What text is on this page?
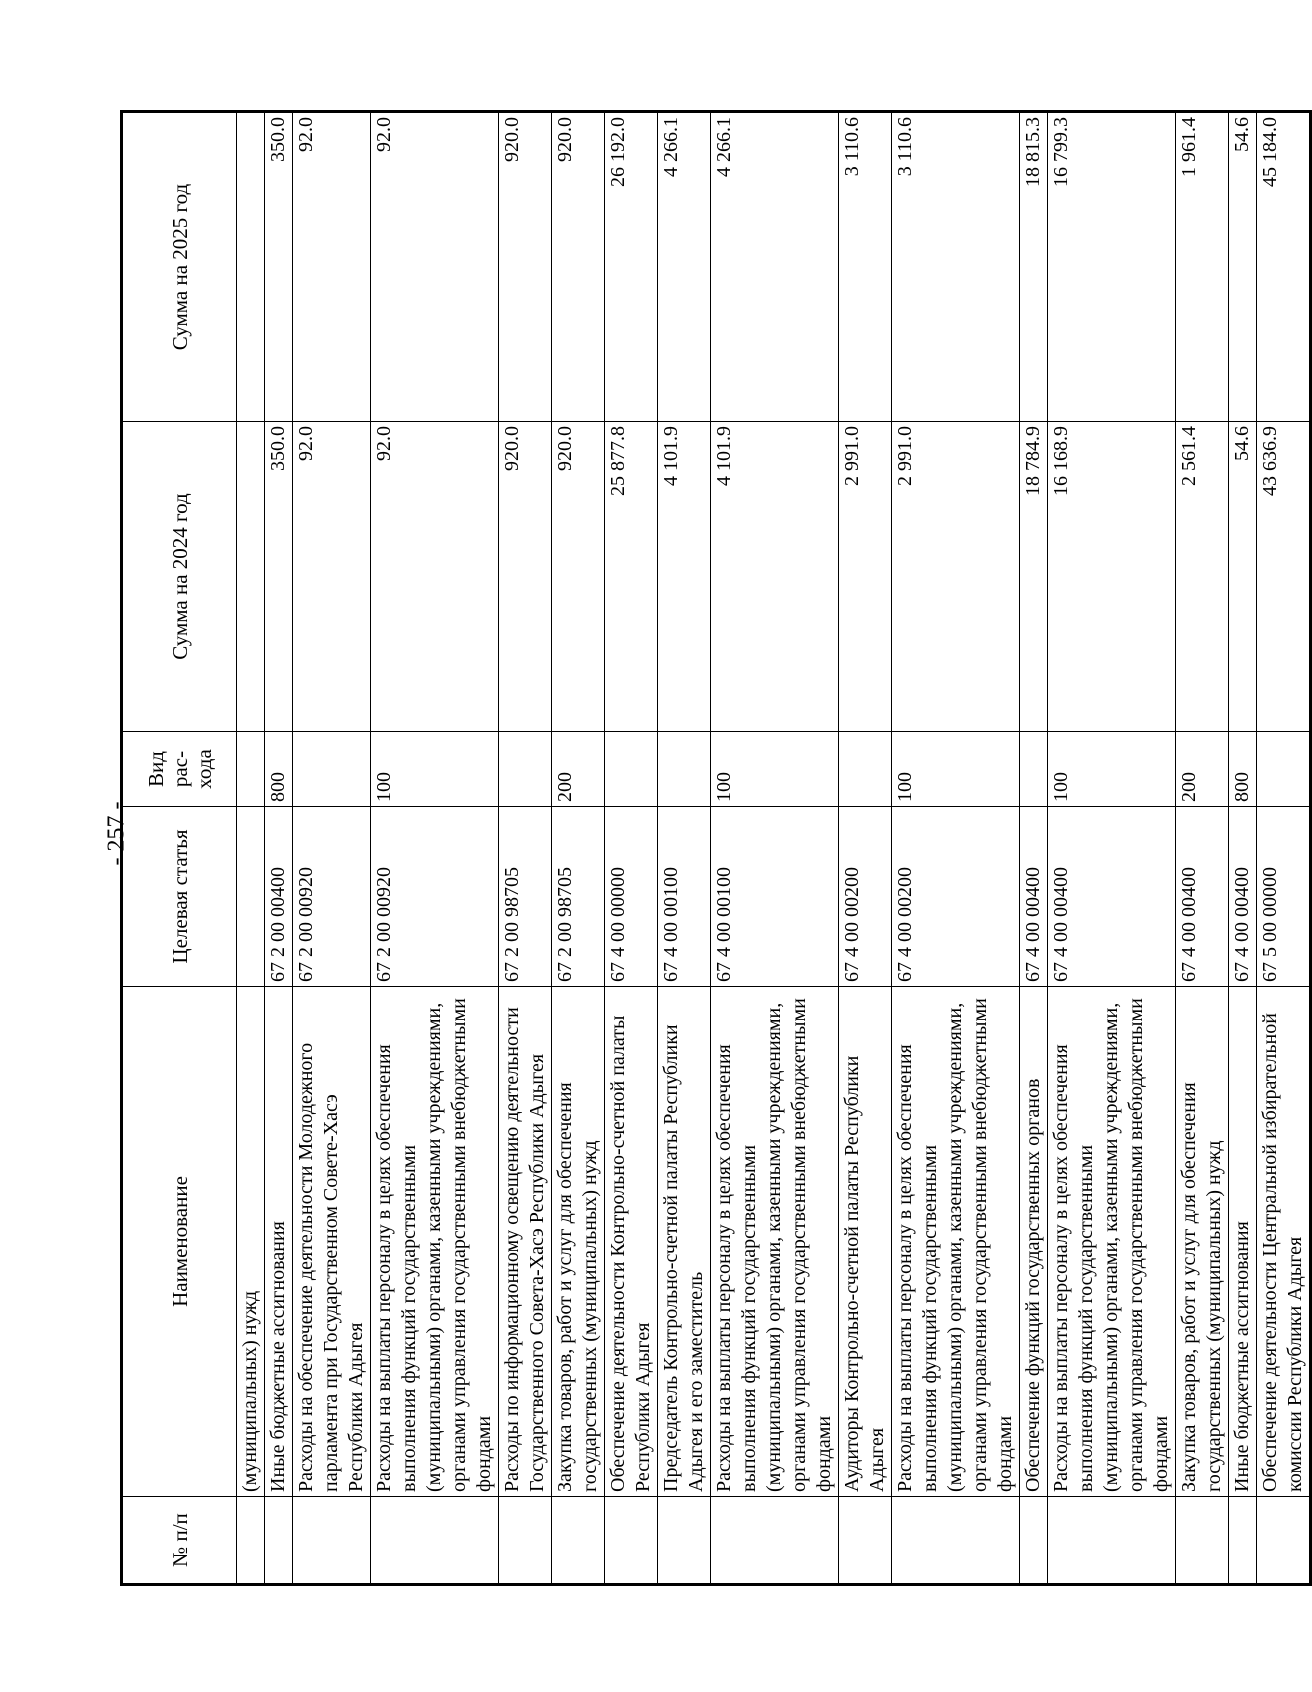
- 257 -
№ п/п	Наименование	Целевая статья	Вид рас-хода	Сумма на 2024 год	Сумма на 2025 год
	(муниципальных) нужд				
	Иные бюджетные ассигнования	67 2 00 00400	800	350.0	350.0
	Расходы на обеспечение деятельности Молодежного парламента при Государственном Совете-Хасэ Республики Адыгея	67 2 00 00920		92.0	92.0
	Расходы на выплаты персоналу в целях обеспечения выполнения функций государственными (муниципальными) органами, казенными учреждениями, органами управления государственными внебюджетными фондами	67 2 00 00920	100	92.0	92.0
	Расходы по информационному освещению деятельности Государственного Совета-Хасэ Республики Адыгея	67 2 00 98705		920.0	920.0
	Закупка товаров, работ и услуг для обеспечения государственных (муниципальных) нужд	67 2 00 98705	200	920.0	920.0
	Обеспечение деятельности Контрольно-счетной палаты Республики Адыгея	67 4 00 00000		25 877.8	26 192.0
	Председатель Контрольно-счетной палаты Республики Адыгея и его заместитель	67 4 00 00100		4 101.9	4 266.1
	Расходы на выплаты персоналу в целях обеспечения выполнения функций государственными (муниципальными) органами, казенными учреждениями, органами управления государственными внебюджетными фондами	67 4 00 00100	100	4 101.9	4 266.1
	Аудиторы Контрольно-счетной палаты Республики Адыгея	67 4 00 00200		2 991.0	3 110.6
	Расходы на выплаты персоналу в целях обеспечения выполнения функций государственными (муниципальными) органами, казенными учреждениями, органами управления государственными внебюджетными фондами	67 4 00 00200	100	2 991.0	3 110.6
	Обеспечение функций государственных органов	67 4 00 00400		18 784.9	18 815.3
	Расходы на выплаты персоналу в целях обеспечения выполнения функций государственными (муниципальными) органами, казенными учреждениями, органами управления государственными внебюджетными фондами	67 4 00 00400	100	16 168.9	16 799.3
	Закупка товаров, работ и услуг для обеспечения государственных (муниципальных) нужд	67 4 00 00400	200	2 561.4	1 961.4
	Иные бюджетные ассигнования	67 4 00 00400	800	54.6	54.6
	Обеспечение деятельности Центральной избирательной комиссии Республики Адыгея	67 5 00 00000		43 636.9	45 184.0
